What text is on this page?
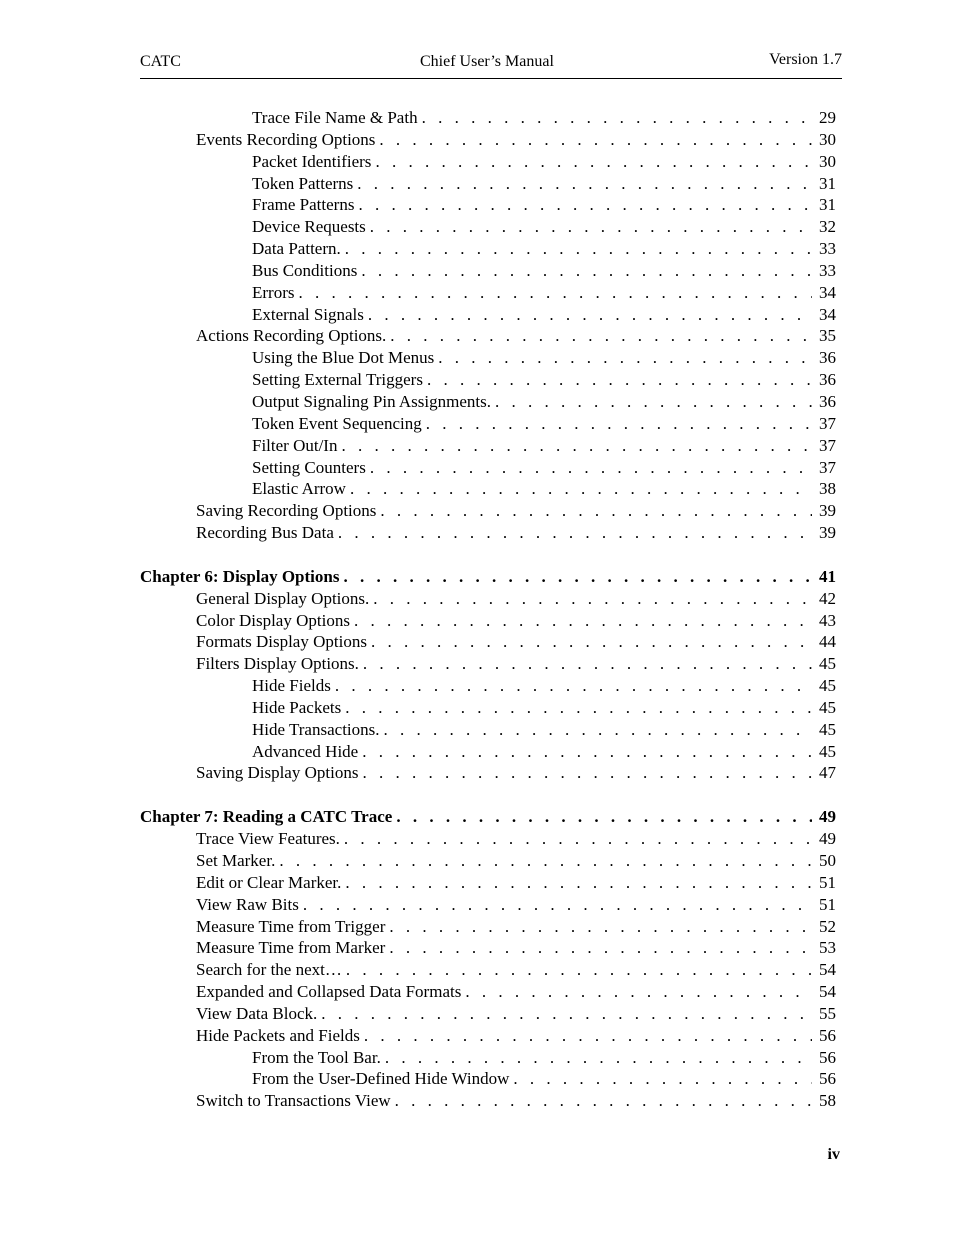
CATC	Chief User’s Manual	Version 1.7
Trace File Name & Path . . .	29
Events Recording Options . . .	30
Packet Identifiers . . .	30
Token Patterns . . .	31
Frame Patterns . . .	31
Device Requests . . .	32
Data Pattern. . . .	33
Bus Conditions . . .	33
Errors . . .	34
External Signals . . .	34
Actions Recording Options. . . .	35
Using the Blue Dot Menus . . .	36
Setting External Triggers . . .	36
Output Signaling Pin Assignments. . . .	36
Token Event Sequencing . . .	37
Filter Out/In . . .	37
Setting Counters . . .	37
Elastic Arrow . . .	38
Saving Recording Options . . .	39
Recording Bus Data . . .	39
Chapter 6: Display Options . . .	41
General Display Options. . . .	42
Color Display Options . . .	43
Formats Display Options . . .	44
Filters Display Options. . . .	45
Hide Fields . . .	45
Hide Packets . . .	45
Hide Transactions. . . .	45
Advanced Hide . . .	45
Saving Display Options . . .	47
Chapter 7: Reading a CATC Trace . . .	49
Trace View Features. . . .	49
Set Marker. . . .	50
Edit or Clear Marker. . . .	51
View Raw Bits . . .	51
Measure Time from Trigger . . .	52
Measure Time from Marker . . .	53
Search for the next… . . .	54
Expanded and Collapsed Data Formats . . .	54
View Data Block. . . .	55
Hide Packets and Fields . . .	56
From the Tool Bar. . . .	56
From the User-Defined Hide Window . . .	56
Switch to Transactions View . . .	58
iv
